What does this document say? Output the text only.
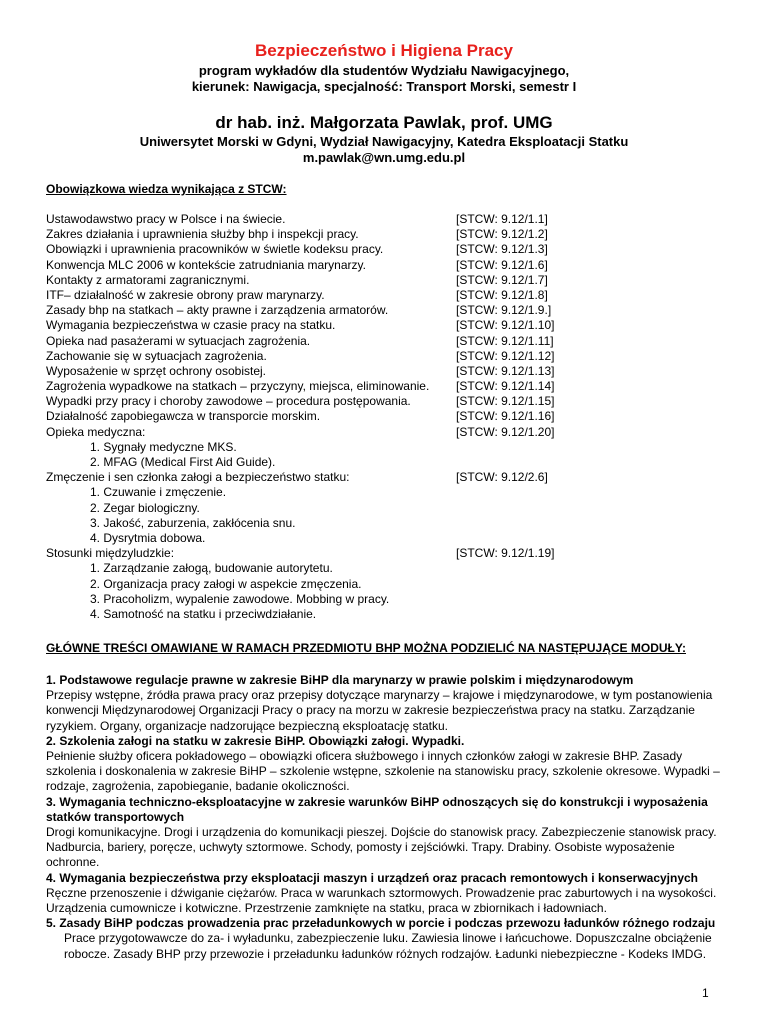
Bezpieczeństwo i Higiena Pracy
program wykładów dla studentów Wydziału Nawigacyjnego,
kierunek: Nawigacja, specjalność: Transport Morski, semestr I
dr hab. inż. Małgorzata Pawlak, prof. UMG
Uniwersytet Morski w Gdyni, Wydział Nawigacyjny, Katedra Eksploatacji Statku
m.pawlak@wn.umg.edu.pl
Obowiązkowa wiedza wynikająca z STCW:
Ustawodawstwo pracy w Polsce i na świecie.	[STCW: 9.12/1.1]
Zakres działania i uprawnienia służby bhp i inspekcji pracy.	[STCW: 9.12/1.2]
Obowiązki i uprawnienia pracowników w świetle kodeksu pracy.	[STCW: 9.12/1.3]
Konwencja MLC 2006 w kontekście zatrudniania marynarzy.	[STCW: 9.12/1.6]
Kontakty z armatorami zagranicznymi.	[STCW: 9.12/1.7]
ITF– działalność w zakresie obrony praw marynarzy.	[STCW: 9.12/1.8]
Zasady bhp na statkach – akty prawne i zarządzenia armatorów.	[STCW: 9.12/1.9.]
Wymagania bezpieczeństwa w czasie pracy na statku.	[STCW: 9.12/1.10]
Opieka nad pasażerami w sytuacjach zagrożenia.	[STCW: 9.12/1.11]
Zachowanie się w sytuacjach zagrożenia.	[STCW: 9.12/1.12]
Wyposażenie w sprzęt ochrony osobistej.	[STCW: 9.12/1.13]
Zagrożenia wypadkowe na statkach – przyczyny, miejsca, eliminowanie. [STCW: 9.12/1.14]
Wypadki przy pracy i choroby zawodowe – procedura postępowania.	[STCW: 9.12/1.15]
Działalność zapobiegawcza w transporcie morskim.	[STCW: 9.12/1.16]
Opieka medyczna:	[STCW: 9.12/1.20]
1. Sygnały medyczne MKS.
2. MFAG (Medical First Aid Guide).
Zmęczenie i sen członka załogi a bezpieczeństwo statku:	[STCW: 9.12/2.6]
1. Czuwanie i zmęczenie.
2. Zegar biologiczny.
3. Jakość, zaburzenia, zakłócenia snu.
4. Dysrytmia dobowa.
Stosunki międzyludzkie:	[STCW: 9.12/1.19]
1. Zarządzanie załogą, budowanie autorytetu.
2. Organizacja pracy załogi w aspekcie zmęczenia.
3. Pracoholizm, wypalenie zawodowe. Mobbing w pracy.
4. Samotność na statku i przeciwdziałanie.
GŁÓWNE TREŚCI OMAWIANE W RAMACH PRZEDMIOTU BHP MOŻNA PODZIELIĆ NA NASTĘPUJĄCE MODUŁY:
1. Podstawowe regulacje prawne w zakresie BiHP dla marynarzy w prawie polskim i międzynarodowym
Przepisy wstępne, źródła prawa pracy oraz przepisy dotyczące marynarzy – krajowe i międzynarodowe, w tym postanowienia konwencji Międzynarodowej Organizacji Pracy o pracy na morzu w zakresie bezpieczeństwa pracy na statku. Zarządzanie ryzykiem. Organy, organizacje nadzorujące bezpieczną eksploatację statku.
2. Szkolenia załogi na statku w zakresie BiHP. Obowiązki załogi. Wypadki.
Pełnienie służby oficera pokładowego – obowiązki oficera służbowego i innych członków załogi w zakresie BHP. Zasady szkolenia i doskonalenia w zakresie BiHP – szkolenie wstępne, szkolenie na stanowisku pracy, szkolenie okresowe. Wypadki – rodzaje, zagrożenia, zapobieganie, badanie okoliczności.
3. Wymagania techniczno-eksploatacyjne w zakresie warunków BiHP odnoszących się do konstrukcji i wyposażenia statków transportowych
Drogi komunikacyjne. Drogi i urządzenia do komunikacji pieszej. Dojście do stanowisk pracy. Zabezpieczenie stanowisk pracy. Nadburcia, bariery, poręcze, uchwyty sztormowe. Schody, pomosty i zejściówki. Trapy. Drabiny. Osobiste wyposażenie ochronne.
4. Wymagania bezpieczeństwa przy eksploatacji maszyn i urządzeń oraz pracach remontowych i konserwacyjnych
Ręczne przenoszenie i dźwiganie ciężarów. Praca w warunkach sztormowych. Prowadzenie prac zaburtowych i na wysokości. Urządzenia cumownicze i kotwiczne. Przestrzenie zamknięte na statku, praca w zbiornikach i ładowniach.
5. Zasady BiHP podczas prowadzenia prac przeładunkowych w porcie i podczas przewozu ładunków różnego rodzaju
Prace przygotowawcze do za- i wyładunku, zabezpieczenie luku. Zawiesia linowe i łańcuchowe. Dopuszczalne obciążenie robocze. Zasady BHP przy przewozie i przeładunku ładunków różnych rodzajów. Ładunki niebezpieczne - Kodeks IMDG.
1
